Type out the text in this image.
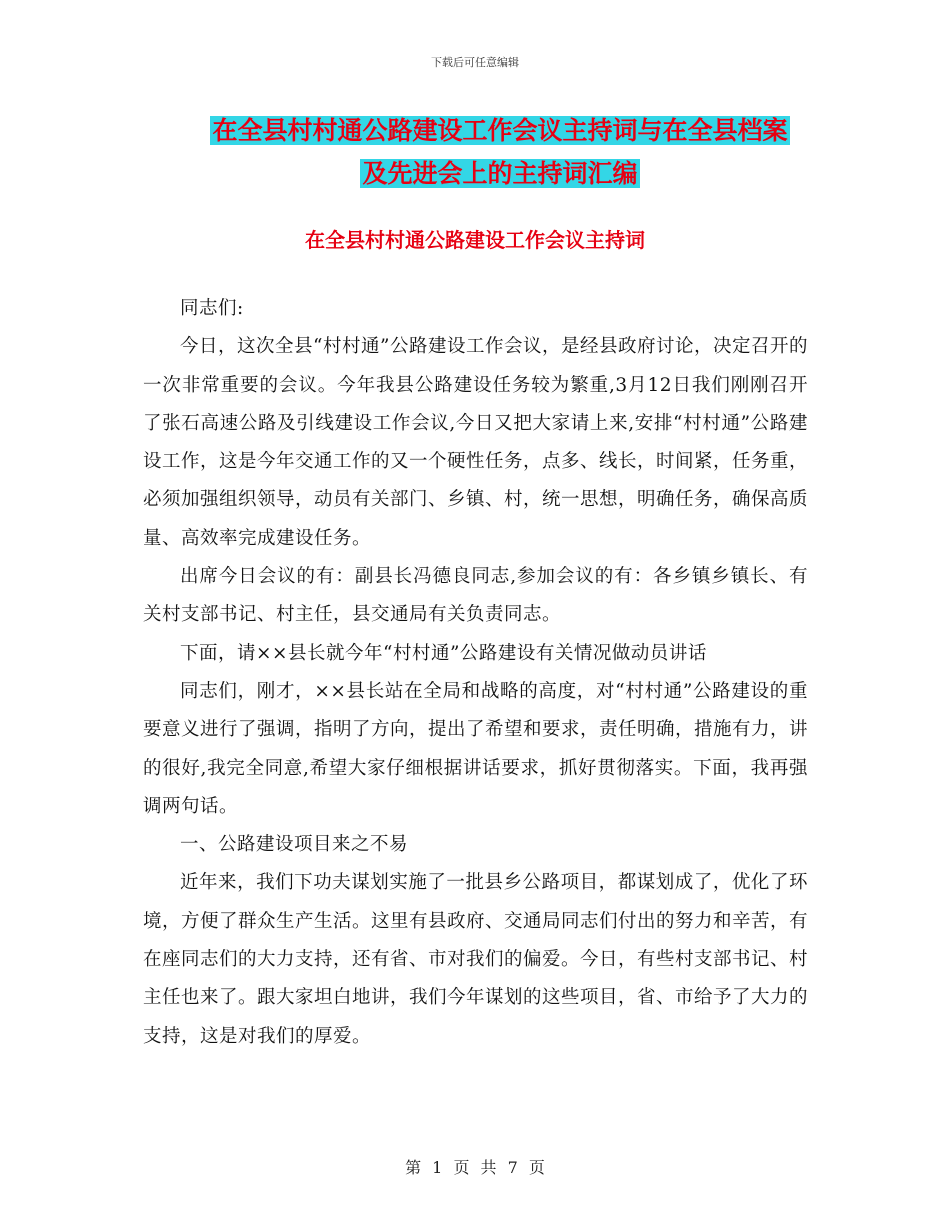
下载后可任意编辑
在全县村村通公路建设工作会议主持词与在全县档案
及先进会上的主持词汇编
在全县村村通公路建设工作会议主持词

同志们:

今日，这次全县“村村通”公路建设工作会议，是经县政府讨论，决定召开的一次非常重要的会议。今年我县公路建设任务较为繁重,3月12日我们刚刚召开了张石高速公路及引线建设工作会议,今日又把大家请上来,安排“村村通”公路建设工作，这是今年交通工作的又一个硬性任务，点多、线长，时间紧，任务重，必须加强组织领导，动员有关部门、乡镇、村，统一思想，明确任务，确保高质量、高效率完成建设任务。

出席今日会议的有：副县长冯德良同志,参加会议的有：各乡镇乡镇长、有关村支部书记、村主任，县交通局有关负责同志。

下面，请××县长就今年“村村通”公路建设有关情况做动员讲话

同志们，刚才，××县长站在全局和战略的高度，对“村村通”公路建设的重要意义进行了强调，指明了方向，提出了希望和要求，责任明确，措施有力，讲的很好,我完全同意,希望大家仔细根据讲话要求，抓好贯彻落实。下面，我再强调两句话。

一、公路建设项目来之不易

近年来，我们下功夫谋划实施了一批县乡公路项目，都谋划成了，优化了环境，方便了群众生产生活。这里有县政府、交通局同志们付出的努力和辛苦，有在座同志们的大力支持，还有省、市对我们的偏爱。今日，有些村支部书记、村主任也来了。跟大家坦白地讲，我们今年谋划的这些项目，省、市给予了大力的支持，这是对我们的厚爱。

第 1 页 共 7 页
